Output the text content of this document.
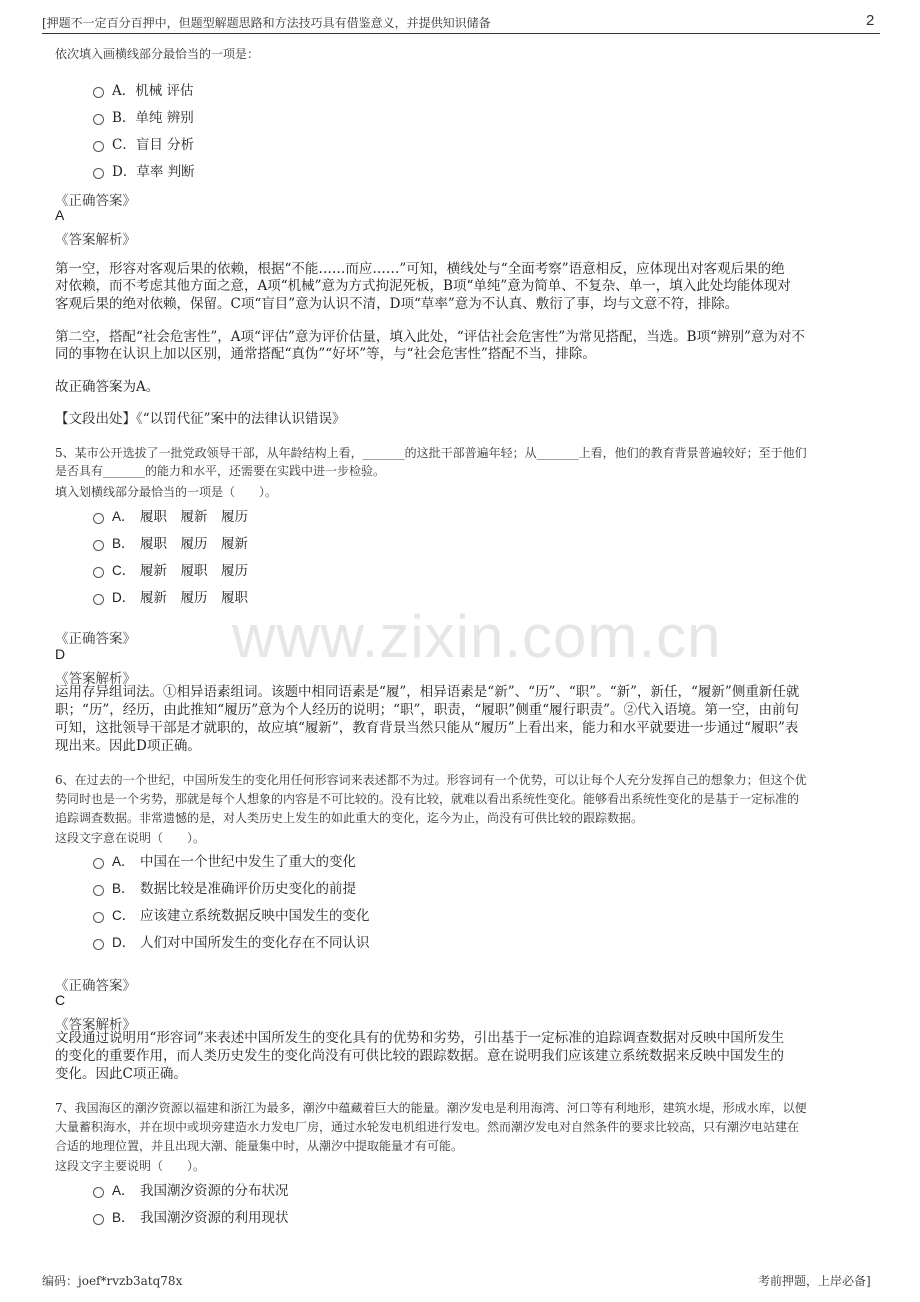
[押题不一定百分百押中，但题型解题思路和方法技巧具有借鉴意义，并提供知识储备	2
www.zixin.com.cn
依次填入画横线部分最恰当的一项是：
A．机械 评估
B．单纯 辨别
C．盲目 分析
D．草率 判断
《正确答案》
A
《答案解析》
第一空，形容对客观后果的依赖，根据“不能……而应……”可知，横线处与“全面考察”语意相反，应体现出对客观后果的绝
对依赖，而不考虑其他方面之意，A项“机械”意为方式拘泥死板，B项“单纯”意为简单、不复杂、单一，填入此处均能体现对
客观后果的绝对依赖，保留。C项“盲目”意为认识不清，D项“草率”意为不认真、敷衍了事，均与文意不符，排除。
第二空，搭配“社会危害性”，A项“评估”意为评价估量，填入此处，“评估社会危害性”为常见搭配，当选。B项“辨别”意为对不
同的事物在认识上加以区别，通常搭配“真伪”“好坏”等，与“社会危害性”搭配不当，排除。
故正确答案为A。
【文段出处】《“以罚代征”案中的法律认识错误》
5、某市公开选拔了一批党政领导干部，从年龄结构上看，_______的这批干部普遍年轻；从_______上看，他们的教育背景普遍较好；至于他们
是否具有_______的能力和水平，还需要在实践中进一步检验。
填入划横线部分最恰当的一项是（　　）。
A． 履职　履新　履历
B． 履职　履历　履新
C． 履新　履职　履历
D． 履新　履历　履职
《正确答案》
D
《答案解析》
运用存异组词法。①相异语素组词。该题中相同语素是“履”，相异语素是“新”、“历”、“职”。“新”，新任，“履新”侧重新任就
职；“历”，经历，由此推知“履历”意为个人经历的说明；“职”，职责，“履职”侧重“履行职责”。②代入语境。第一空，由前句
可知，这批领导干部是才就职的，故应填“履新”，教育背景当然只能从“履历”上看出来，能力和水平就要进一步通过“履职”表
现出来。因此D项正确。
6、在过去的一个世纪，中国所发生的变化用任何形容词来表述都不为过。形容词有一个优势，可以让每个人充分发挥自己的想象力；但这个优
势同时也是一个劣势，那就是每个人想象的内容是不可比较的。没有比较，就难以看出系统性变化。能够看出系统性变化的是基于一定标准的
追踪调查数据。非常遗憾的是，对人类历史上发生的如此重大的变化，迄今为止，尚没有可供比较的跟踪数据。
这段文字意在说明（　　）。
A． 中国在一个世纪中发生了重大的变化
B． 数据比较是准确评价历史变化的前提
C． 应该建立系统数据反映中国发生的变化
D． 人们对中国所发生的变化存在不同认识
《正确答案》
C
《答案解析》
文段通过说明用“形容词”来表述中国所发生的变化具有的优势和劣势，引出基于一定标准的追踪调查数据对反映中国所发生
的变化的重要作用，而人类历史发生的变化尚没有可供比较的跟踪数据。意在说明我们应该建立系统数据来反映中国发生的
变化。因此C项正确。
7、我国海区的潮汐资源以福建和浙江为最多，潮汐中蕴藏着巨大的能量。潮汐发电是利用海湾、河口等有利地形，建筑水堤，形成水库，以便
大量蓄积海水，并在坝中或坝旁建造水力发电厂房，通过水轮发电机组进行发电。然而潮汐发电对自然条件的要求比较高，只有潮汐电站建在
合适的地理位置，并且出现大潮、能量集中时，从潮汐中提取能量才有可能。
这段文字主要说明（　　）。
A． 我国潮汐资源的分布状况
B． 我国潮汐资源的利用现状
编码：joef*rvzb3atq78x	考前押题，上岸必备]
